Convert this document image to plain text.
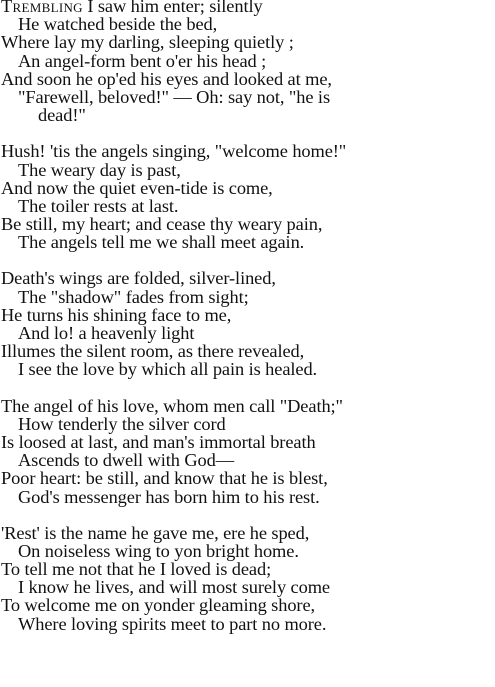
Trembling I saw him enter; silently
He watched beside the bed,
Where lay my darling, sleeping quietly ;
An angel-form bent o'er his head ;
And soon he op'ed his eyes and looked at me,
"Farewell, beloved!" — Oh: say not, "he is
dead!"
Hush! 'tis the angels singing, "welcome home!"
The weary day is past,
And now the quiet even-tide is come,
The toiler rests at last.
Be still, my heart; and cease thy weary pain,
The angels tell me we shall meet again.
Death's wings are folded, silver-lined,
The "shadow" fades from sight;
He turns his shining face to me,
And lo! a heavenly light
Illumes the silent room, as there revealed,
I see the love by which all pain is healed.
The angel of his love, whom men call "Death;"
How tenderly the silver cord
Is loosed at last, and man's immortal breath
Ascends to dwell with God—
Poor heart: be still, and know that he is blest,
God's messenger has born him to his rest.
'Rest' is the name he gave me, ere he sped,
On noiseless wing to yon bright home.
To tell me not that he I loved is dead;
I know he lives, and will most surely come
To welcome me on yonder gleaming shore,
Where loving spirits meet to part no more.
